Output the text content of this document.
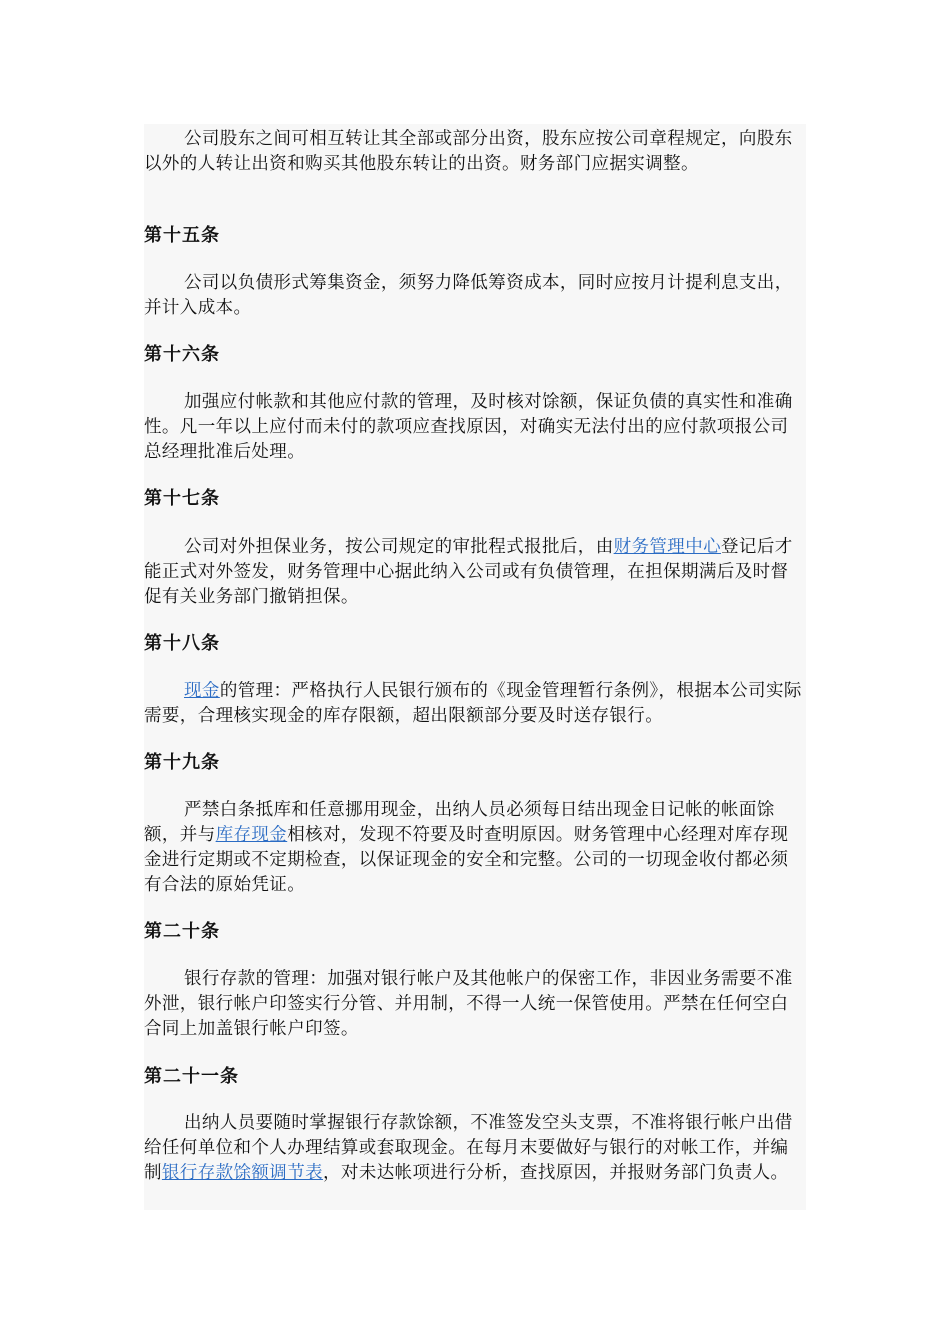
公司股东之间可相互转让其全部或部分出资，股东应按公司章程规定，向股东以外的人转让出资和购买其他股东转让的出资。财务部门应据实调整。

第十五条

公司以负债形式筹集资金，须努力降低筹资成本，同时应按月计提利息支出，并计入成本。

第十六条

加强应付帐款和其他应付款的管理，及时核对馀额，保证负债的真实性和准确性。凡一年以上应付而未付的款项应查找原因，对确实无法付出的应付款项报公司总经理批准后处理。

第十七条

公司对外担保业务，按公司规定的审批程式报批后，由财务管理中心登记后才能正式对外签发，财务管理中心据此纳入公司或有负债管理，在担保期满后及时督促有关业务部门撤销担保。

第十八条

现金的管理：严格执行人民银行颁布的《现金管理暂行条例》，根据本公司实际需要，合理核实现金的库存限额，超出限额部分要及时送存银行。

第十九条

严禁白条抵库和任意挪用现金，出纳人员必须每日结出现金日记帐的帐面馀额，并与库存现金相核对，发现不符要及时查明原因。财务管理中心经理对库存现金进行定期或不定期检查，以保证现金的安全和完整。公司的一切现金收付都必须有合法的原始凭证。

第二十条

银行存款的管理：加强对银行帐户及其他帐户的保密工作，非因业务需要不准外泄，银行帐户印签实行分管、并用制，不得一人统一保管使用。严禁在任何空白合同上加盖银行帐户印签。

第二十一条

出纳人员要随时掌握银行存款馀额，不准签发空头支票，不准将银行帐户出借给任何单位和个人办理结算或套取现金。在每月末要做好与银行的对帐工作，并编制银行存款馀额调节表，对未达帐项进行分析，查找原因，并报财务部门负责人。
